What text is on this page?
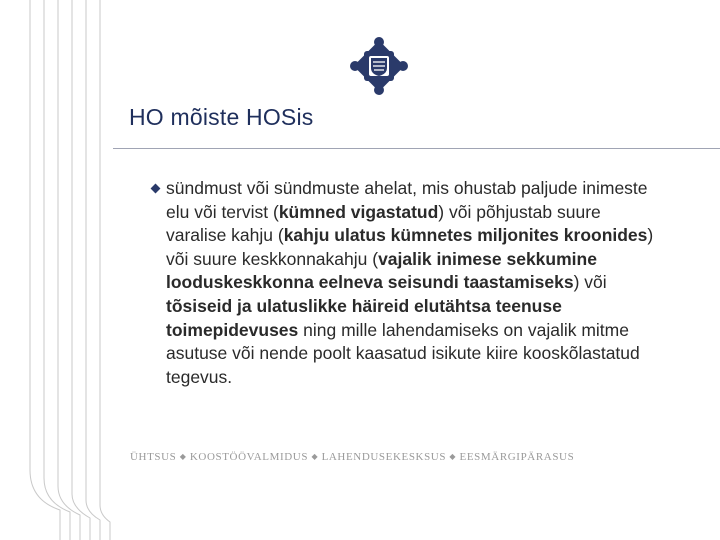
HO mõiste HOSis

sündmust või sündmuste ahelat, mis ohustab paljude inimeste elu või tervist (kümned vigastatud) või põhjustab suure varalise kahju (kahju ulatus kümnetes miljonites kroonides) või suure keskkonnakahju (vajalik inimese sekkumine looduskeskkonna eelneva seisundi taastamiseks) või tõsiseid ja ulatuslikke häireid elutähtsa teenuse toimepidevuses ning mille lahendamiseks on vajalik mitme asutuse või nende poolt kaasatud isikute kiire kooskõlastatud tegevus.

ÜHTSUS ◆ KOOSTÖÖVALMIDUS ◆ LAHENDUSEKESKSUS ◆ EESMÄRGIPÄRASUS
